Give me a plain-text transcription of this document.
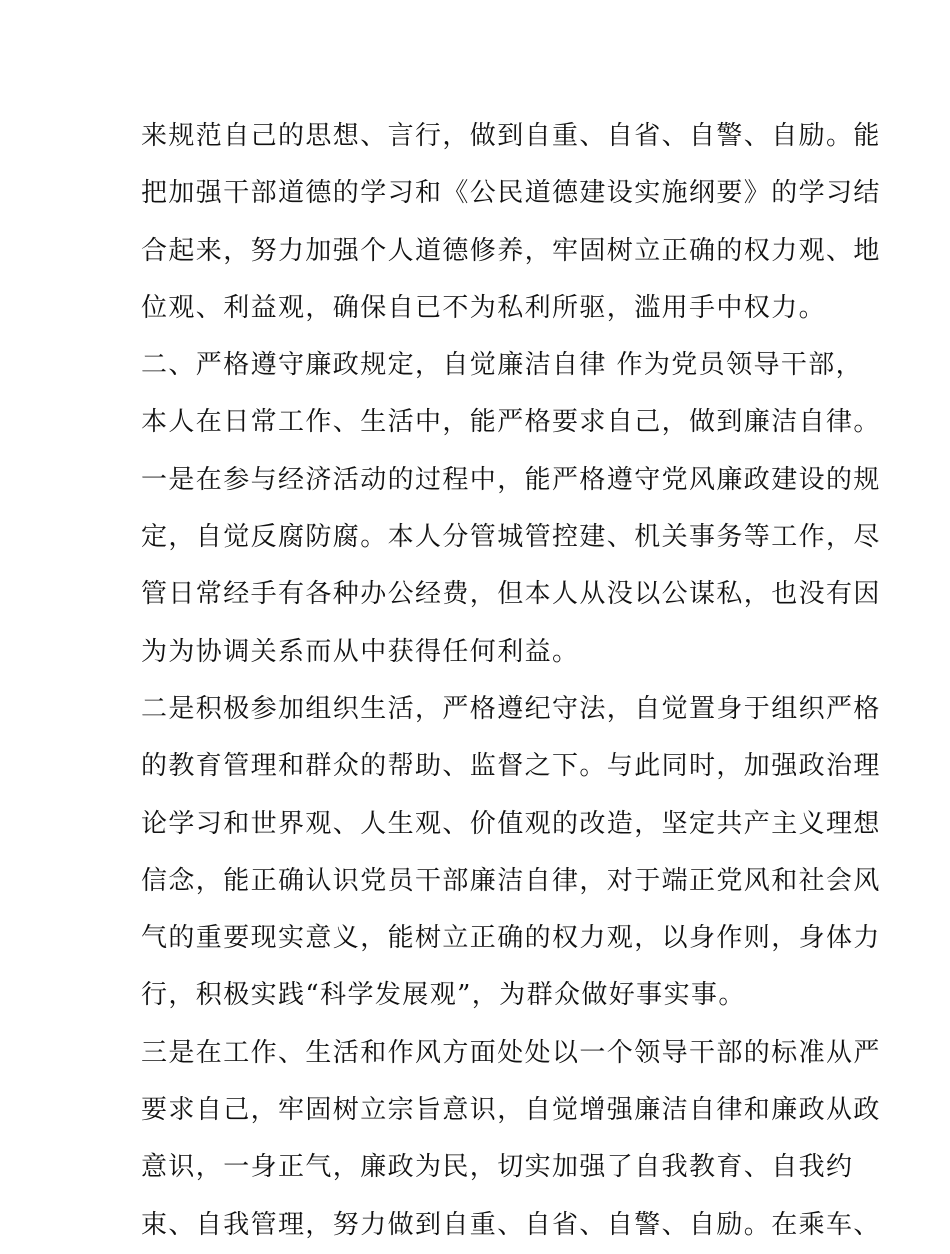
来规范自己的思想、言行，做到自重、自省、自警、自励。能
把加强干部道德的学习和《公民道德建设实施纲要》的学习结
合起来，努力加强个人道德修养，牢固树立正确的权力观、地
位观、利益观，确保自已不为私利所驱，滥用手中权力。
二、严格遵守廉政规定，自觉廉洁自律 作为党员领导干部，
本人在日常工作、生活中，能严格要求自己，做到廉洁自律。
一是在参与经济活动的过程中，能严格遵守党风廉政建设的规
定，自觉反腐防腐。本人分管城管控建、机关事务等工作，尽
管日常经手有各种办公经费，但本人从没以公谋私，也没有因
为为协调关系而从中获得任何利益。
二是积极参加组织生活，严格遵纪守法，自觉置身于组织严格
的教育管理和群众的帮助、监督之下。与此同时，加强政治理
论学习和世界观、人生观、价值观的改造，坚定共产主义理想
信念，能正确认识党员干部廉洁自律，对于端正党风和社会风
气的重要现实意义，能树立正确的权力观，以身作则，身体力
行，积极实践“科学发展观”，为群众做好事实事。
三是在工作、生活和作风方面处处以一个领导干部的标准从严
要求自己，牢固树立宗旨意识，自觉增强廉洁自律和廉政从政
意识，一身正气，廉政为民，切实加强了自我教育、自我约
束、自我管理，努力做到自重、自省、自警、自励。在乘车、
